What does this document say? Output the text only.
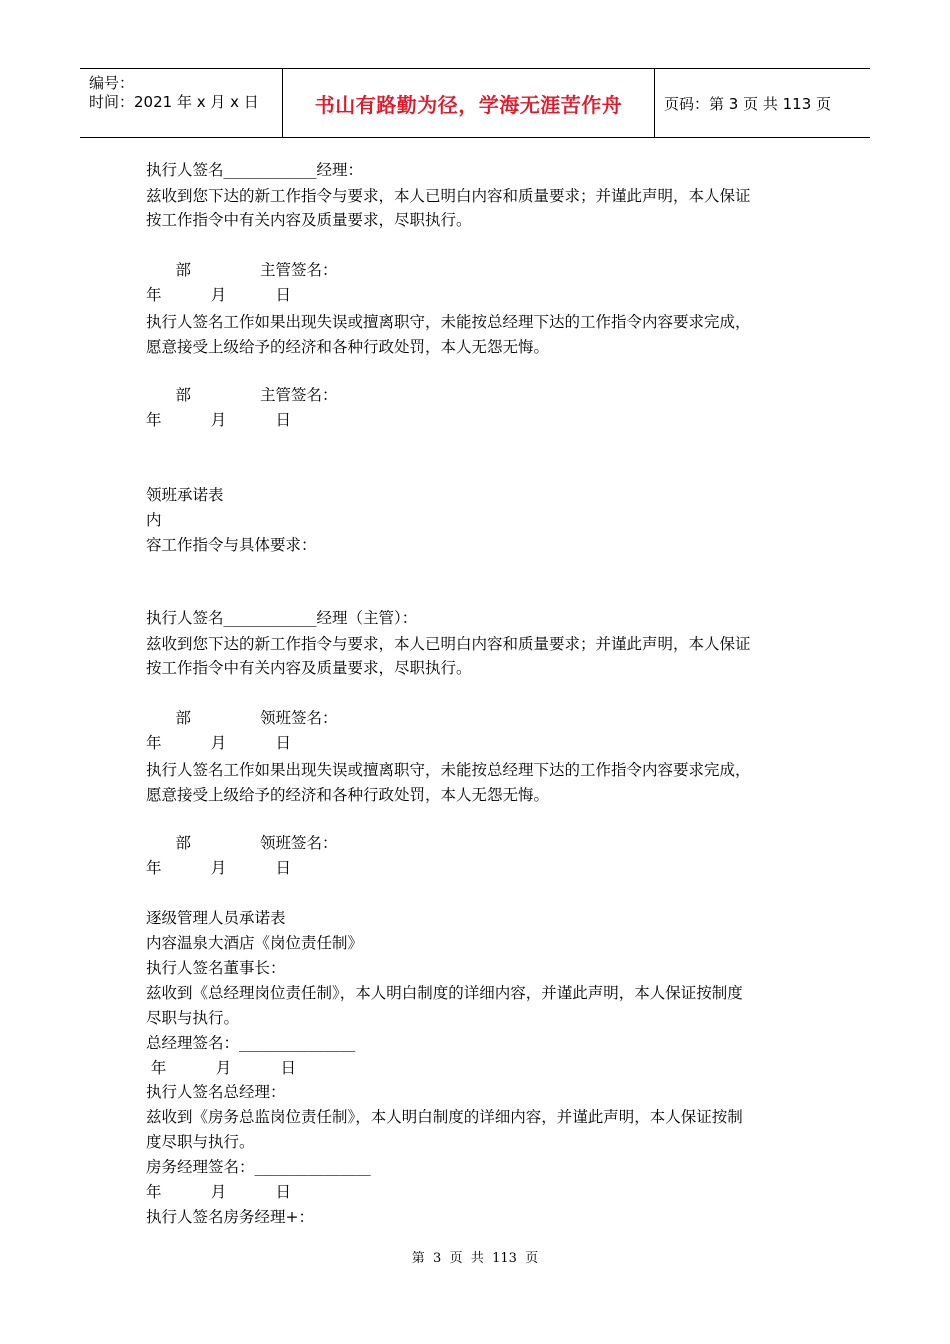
编号：
时间：2021 年 x 月 x 日	书山有路勤为径，学海无涯苦作舟	页码：第 3 页 共 113 页
执行人签名____________经理：
兹收到您下达的新工作指令与要求，本人已明白内容和质量要求；并谨此声明，本人保证
按工作指令中有关内容及质量要求，尽职执行。
部              主管签名：
年          月          日
执行人签名工作如果出现失误或擅离职守，未能按总经理下达的工作指令内容要求完成，
愿意接受上级给予的经济和各种行政处罚，本人无怨无悔。
部              主管签名：
年          月          日
领班承诺表
内
容工作指令与具体要求：
执行人签名____________经理（主管）：
兹收到您下达的新工作指令与要求，本人已明白内容和质量要求；并谨此声明，本人保证
按工作指令中有关内容及质量要求，尽职执行。
部              领班签名：
年          月          日
执行人签名工作如果出现失误或擅离职守，未能按总经理下达的工作指令内容要求完成，
愿意接受上级给予的经济和各种行政处罚，本人无怨无悔。
部              领班签名：
年          月          日
逐级管理人员承诺表
内容温泉大酒店《岗位责任制》
执行人签名董事长：
兹收到《总经理岗位责任制》，本人明白制度的详细内容，并谨此声明，本人保证按制度
尽职与执行。
总经理签名：_______________
年          月          日
执行人签名总经理：
兹收到《房务总监岗位责任制》，本人明白制度的详细内容，并谨此声明，本人保证按制
度尽职与执行。
房务经理签名：_______________
年          月          日
执行人签名房务经理+：
第  3  页  共  113  页
